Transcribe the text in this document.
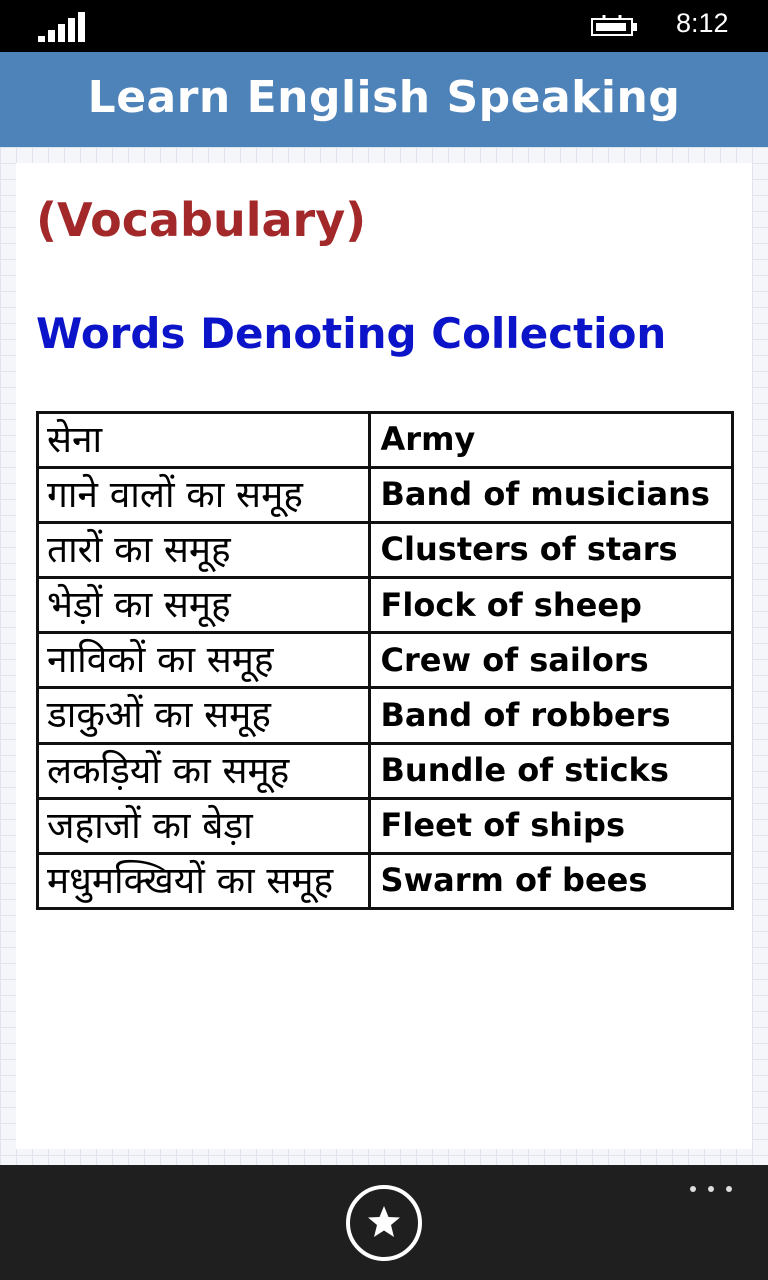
8:12
Learn English Speaking
(Vocabulary)
Words Denoting Collection
सेना	Army
गाने वालों का समूह	Band of musicians
तारों का समूह	Clusters of stars
भेड़ों का समूह	Flock of sheep
नाविकों का समूह	Crew of sailors
डाकुओं का समूह	Band of robbers
लकड़ियों का समूह	Bundle of sticks
जहाजों का बेड़ा	Fleet of ships
मधुमक्खियों का समूह	Swarm of bees
